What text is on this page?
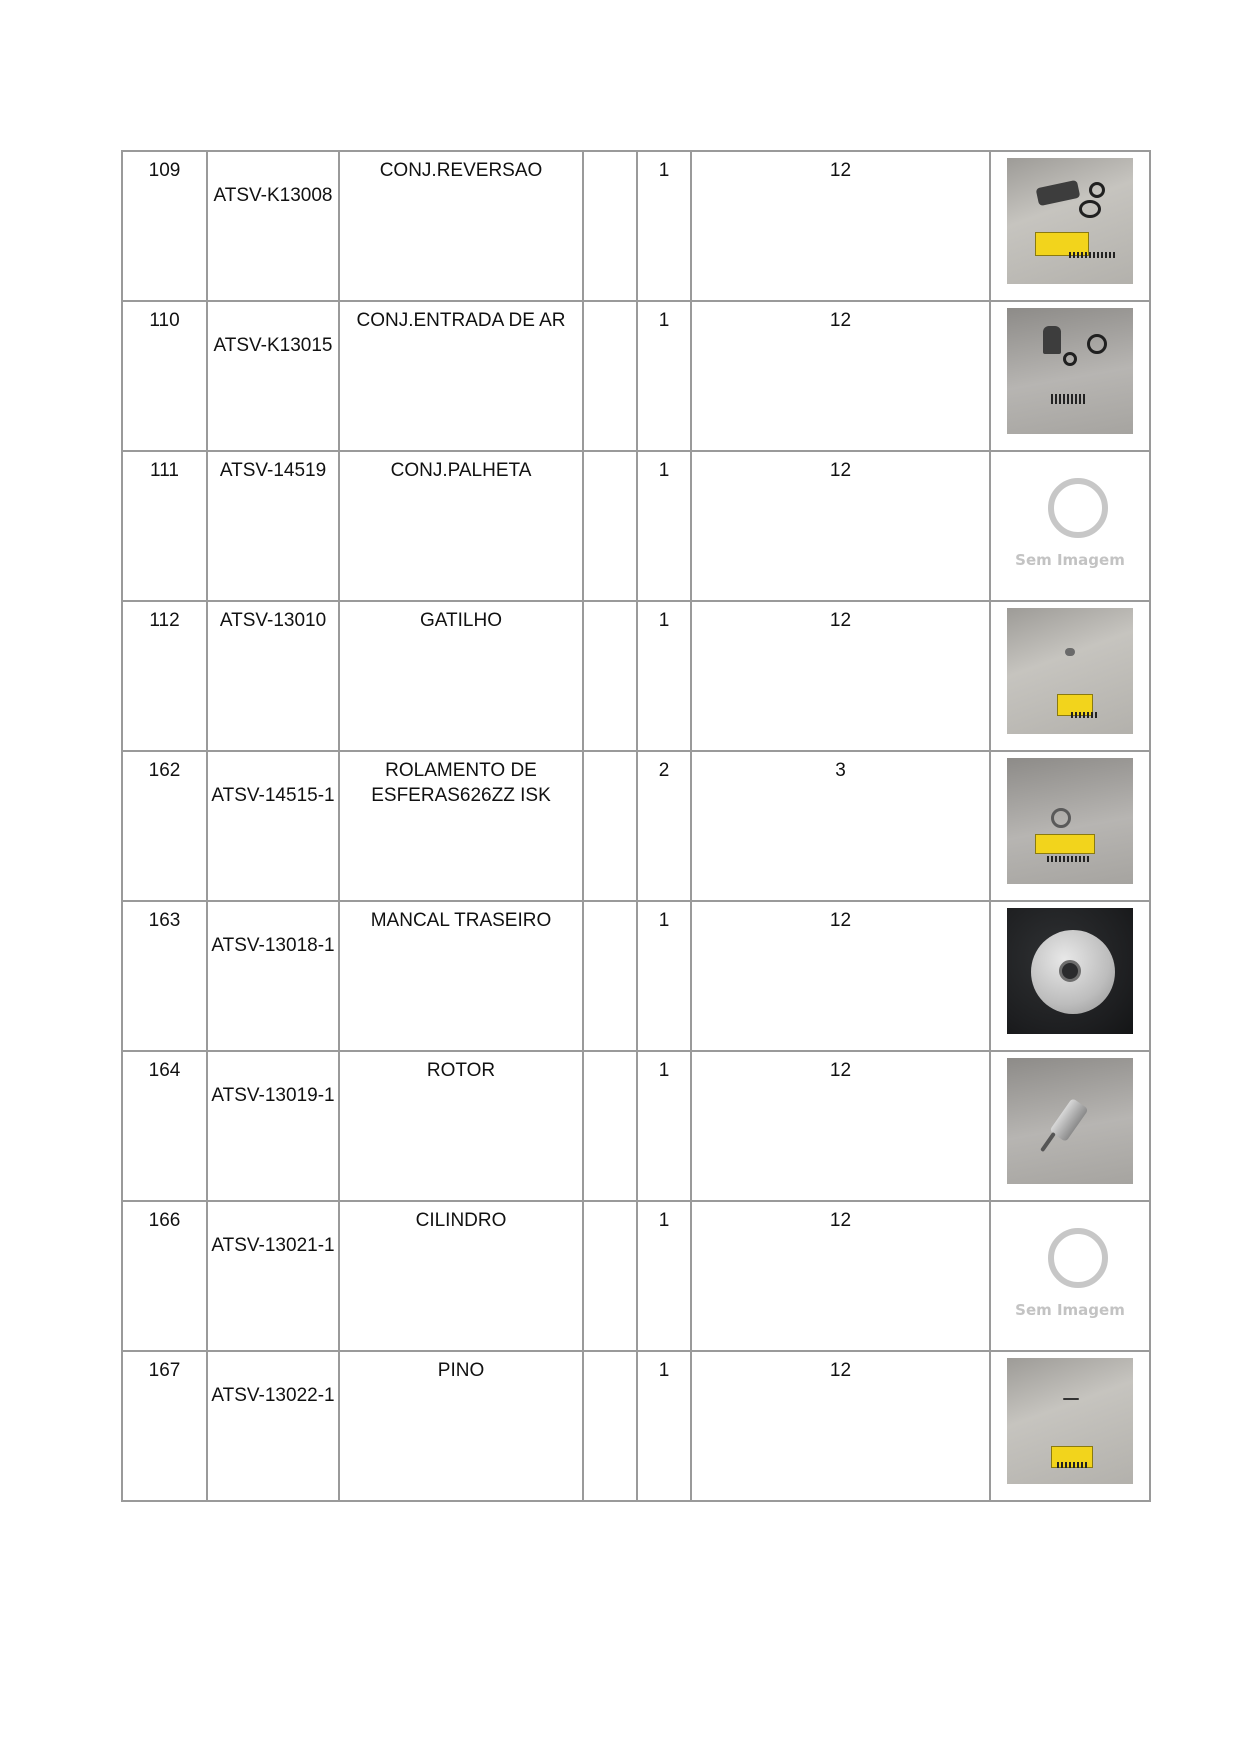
109	ATSV-K13008	CONJ.REVERSAO		1	12	

110	ATSV-K13015	CONJ.ENTRADA DE AR		1	12	

111	ATSV-14519	CONJ.PALHETA		1	12	Sem Imagem

112	ATSV-13010	GATILHO		1	12	

162	ATSV-14515-1	ROLAMENTO DE ESFERAS626ZZ ISK		2	3	

163	ATSV-13018-1	MANCAL TRASEIRO		1	12	

164	ATSV-13019-1	ROTOR		1	12	

166	ATSV-13021-1	CILINDRO		1	12	Sem Imagem

167	ATSV-13022-1	PINO		1	12	
